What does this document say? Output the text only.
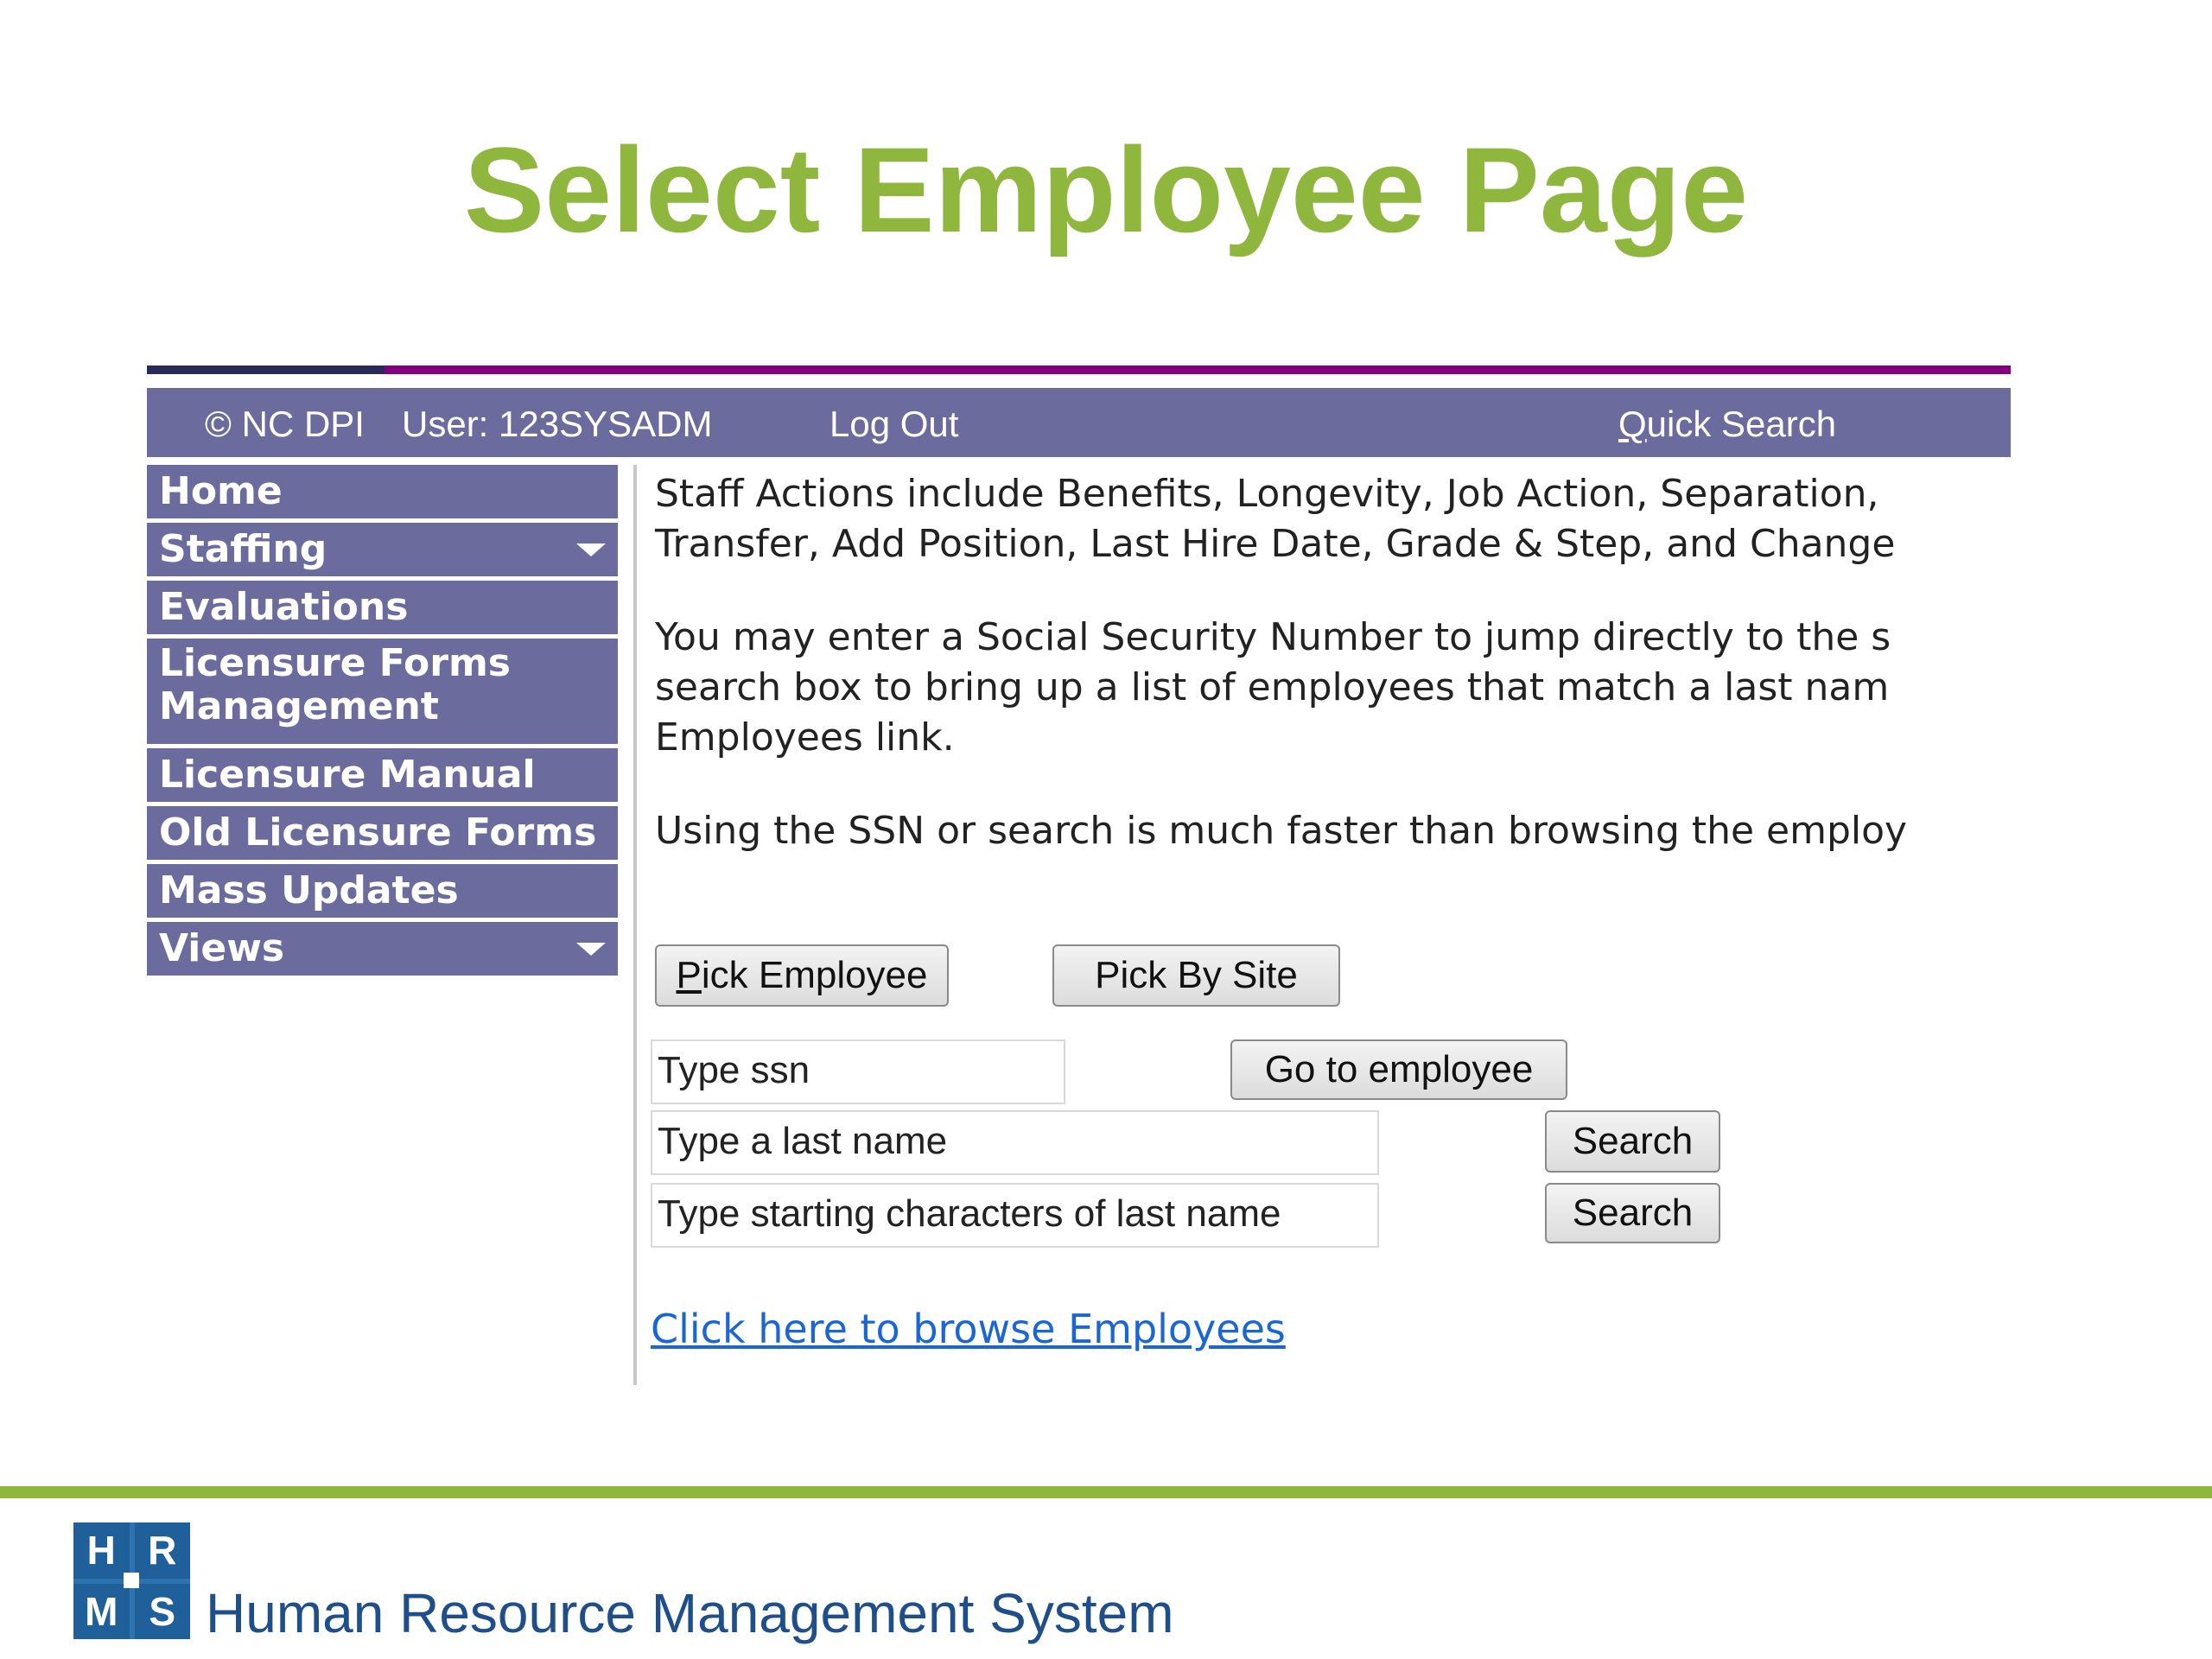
Select Employee Page
© NC DPI User: 123SYSADM	Log Out	Quick Search
Home
Staffing
Evaluations
Licensure Forms
Management
Licensure Manual
Old Licensure Forms
Mass Updates
Views

Staff Actions include Benefits, Longevity, Job Action, Separation,

Transfer, Add Position, Last Hire Date, Grade & Step, and Change

You may enter a Social Security Number to jump directly to the s

search box to bring up a list of employees that match a last nam

Employees link.

Using the SSN or search is much faster than browsing the employ

Pick Employee	Pick By Site
Type ssn	Go to employee
Type a last name	Search
Type starting characters of last name	Search
Click here to browse Employees
H R
M S Human Resource Management System
